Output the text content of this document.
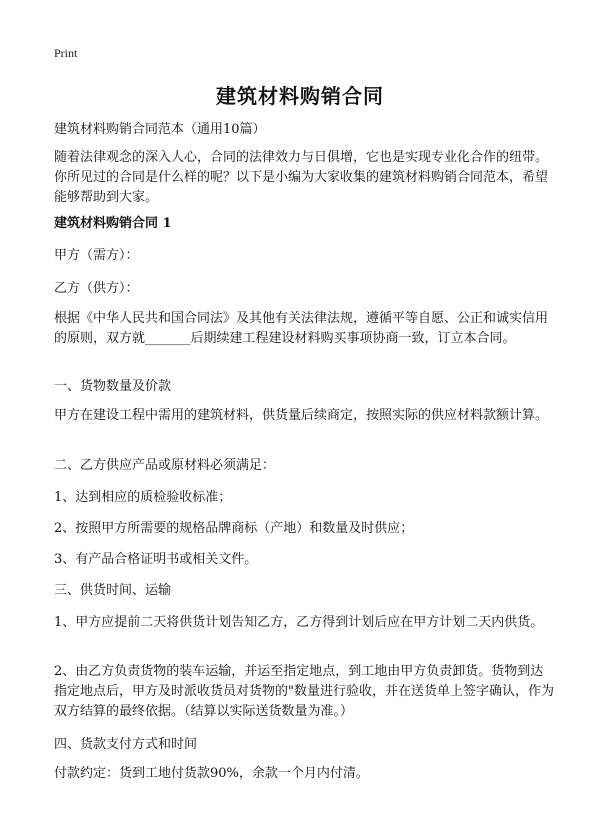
Print
建筑材料购销合同
建筑材料购销合同范本（通用10篇）
随着法律观念的深入人心，合同的法律效力与日俱增，它也是实现专业化合作的纽带。你所见过的合同是什么样的呢？以下是小编为大家收集的建筑材料购销合同范本，希望能够帮助到大家。
建筑材料购销合同 1
甲方（需方）：
乙方（供方）：
根据《中华人民共和国合同法》及其他有关法律法规，遵循平等自愿、公正和诚实信用的原则，双方就_______后期续建工程建设材料购买事项协商一致，订立本合同。
一、货物数量及价款
甲方在建设工程中需用的建筑材料，供货量后续商定，按照实际的供应材料款额计算。
二、乙方供应产品或原材料必须满足：
1、达到相应的质检验收标准；
2、按照甲方所需要的规格品牌商标（产地）和数量及时供应；
3、有产品合格证明书或相关文件。
三、供货时间、运输
1、甲方应提前二天将供货计划告知乙方，乙方得到计划后应在甲方计划二天内供货。
2、由乙方负责货物的装车运输，并运至指定地点，到工地由甲方负责卸货。货物到达指定地点后，甲方及时派收货员对货物的"数量进行验收，并在送货单上签字确认，作为双方结算的最终依据。（结算以实际送货数量为准。）
四、货款支付方式和时间
付款约定：货到工地付货款90%，余款一个月内付清。
